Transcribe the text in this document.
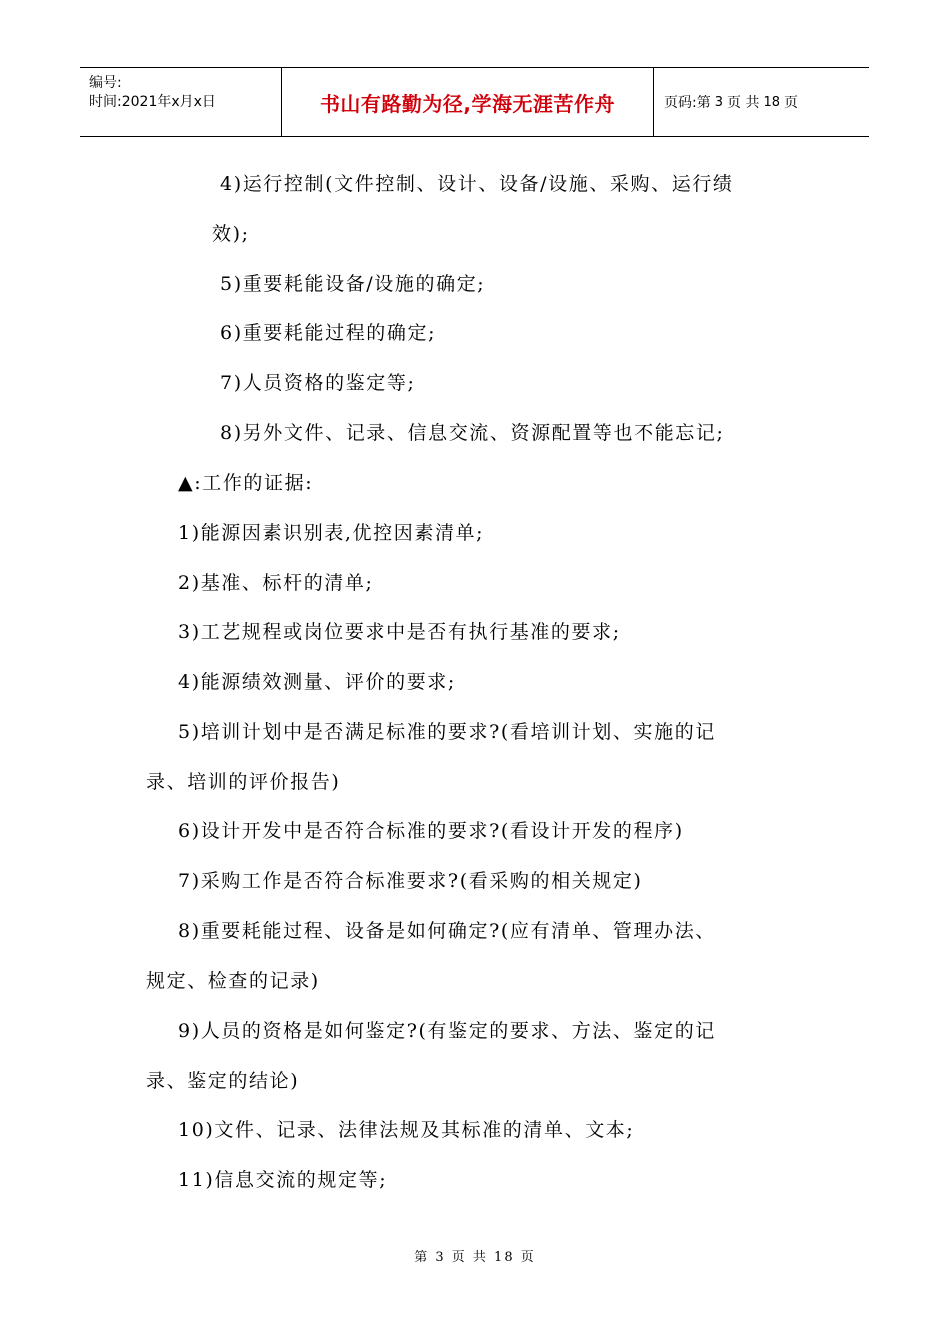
编号:
时间:2021年x月x日	书山有路勤为径,学海无涯苦作舟	页码:第 3 页 共 18 页
4)运行控制(文件控制、设计、设备/设施、采购、运行绩
效);
5)重要耗能设备/设施的确定;
6)重要耗能过程的确定;
7)人员资格的鉴定等;
8)另外文件、记录、信息交流、资源配置等也不能忘记;
▲:工作的证据:
1)能源因素识别表,优控因素清单;
2)基准、标杆的清单;
3)工艺规程或岗位要求中是否有执行基准的要求;
4)能源绩效测量、评价的要求;
5)培训计划中是否满足标准的要求?(看培训计划、实施的记
录、培训的评价报告)
6)设计开发中是否符合标准的要求?(看设计开发的程序)
7)采购工作是否符合标准要求?(看采购的相关规定)
8)重要耗能过程、设备是如何确定?(应有清单、管理办法、
规定、检查的记录)
9)人员的资格是如何鉴定?(有鉴定的要求、方法、鉴定的记
录、鉴定的结论)
10)文件、记录、法律法规及其标准的清单、文本;
11)信息交流的规定等;
第 3 页 共 18 页
